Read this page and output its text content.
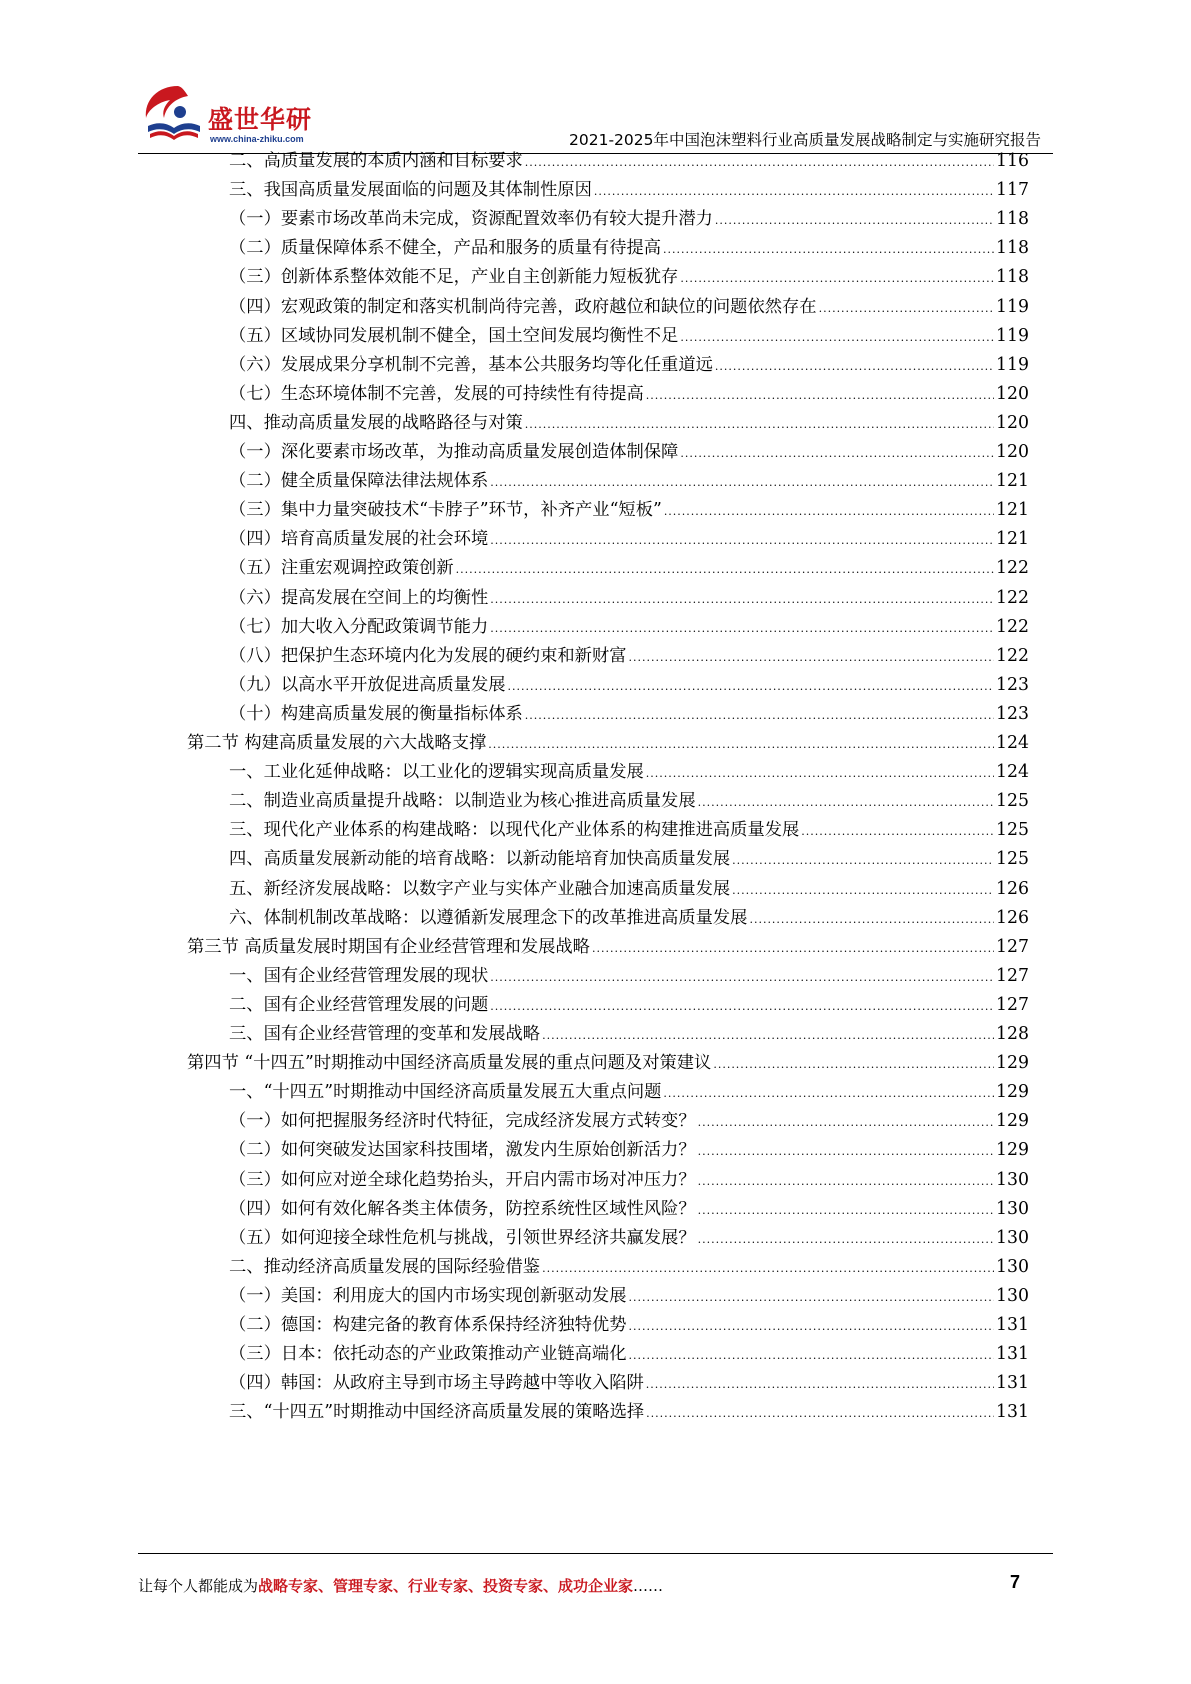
盛世华研
www.china-zhiku.com	2021-2025年中国泡沫塑料行业高质量发展战略制定与实施研究报告
二、高质量发展的本质内涵和目标要求 .....	116
三、我国高质量发展面临的问题及其体制性原因 .....	117
（一）要素市场改革尚未完成，资源配置效率仍有较大提升潜力 .....	118
（二）质量保障体系不健全，产品和服务的质量有待提高 .....	118
（三）创新体系整体效能不足，产业自主创新能力短板犹存 .....	118
（四）宏观政策的制定和落实机制尚待完善，政府越位和缺位的问题依然存在 .....	119
（五）区域协同发展机制不健全，国土空间发展均衡性不足 .....	119
（六）发展成果分享机制不完善，基本公共服务均等化任重道远 .....	119
（七）生态环境体制不完善，发展的可持续性有待提高 .....	120
四、推动高质量发展的战略路径与对策 .....	120
（一）深化要素市场改革，为推动高质量发展创造体制保障 .....	120
（二）健全质量保障法律法规体系 .....	121
（三）集中力量突破技术“卡脖子”环节，补齐产业“短板” .....	121
（四）培育高质量发展的社会环境 .....	121
（五）注重宏观调控政策创新 .....	122
（六）提高发展在空间上的均衡性 .....	122
（七）加大收入分配政策调节能力 .....	122
（八）把保护生态环境内化为发展的硬约束和新财富 .....	122
（九）以高水平开放促进高质量发展 .....	123
（十）构建高质量发展的衡量指标体系 .....	123
第二节 构建高质量发展的六大战略支撑 .....	124
一、工业化延伸战略：以工业化的逻辑实现高质量发展 .....	124
二、制造业高质量提升战略：以制造业为核心推进高质量发展 .....	125
三、现代化产业体系的构建战略：以现代化产业体系的构建推进高质量发展 .....	125
四、高质量发展新动能的培育战略：以新动能培育加快高质量发展 .....	125
五、新经济发展战略：以数字产业与实体产业融合加速高质量发展 .....	126
六、体制机制改革战略：以遵循新发展理念下的改革推进高质量发展 .....	126
第三节 高质量发展时期国有企业经营管理和发展战略 .....	127
一、国有企业经营管理发展的现状 .....	127
二、国有企业经营管理发展的问题 .....	127
三、国有企业经营管理的变革和发展战略 .....	128
第四节 “十四五”时期推动中国经济高质量发展的重点问题及对策建议 .....	129
一、“十四五”时期推动中国经济高质量发展五大重点问题 .....	129
（一）如何把握服务经济时代特征，完成经济发展方式转变？ .....	129
（二）如何突破发达国家科技围堵，激发内生原始创新活力？ .....	129
（三）如何应对逆全球化趋势抬头，开启内需市场对冲压力？ .....	130
（四）如何有效化解各类主体债务，防控系统性区域性风险？ .....	130
（五）如何迎接全球性危机与挑战，引领世界经济共赢发展？ .....	130
二、推动经济高质量发展的国际经验借鉴 .....	130
（一）美国：利用庞大的国内市场实现创新驱动发展 .....	130
（二）德国：构建完备的教育体系保持经济独特优势 .....	131
（三）日本：依托动态的产业政策推动产业链高端化 .....	131
（四）韩国：从政府主导到市场主导跨越中等收入陷阱 .....	131
三、“十四五”时期推动中国经济高质量发展的策略选择 .....	131
让每个人都能成为战略专家、管理专家、行业专家、投资专家、成功企业家……	7
